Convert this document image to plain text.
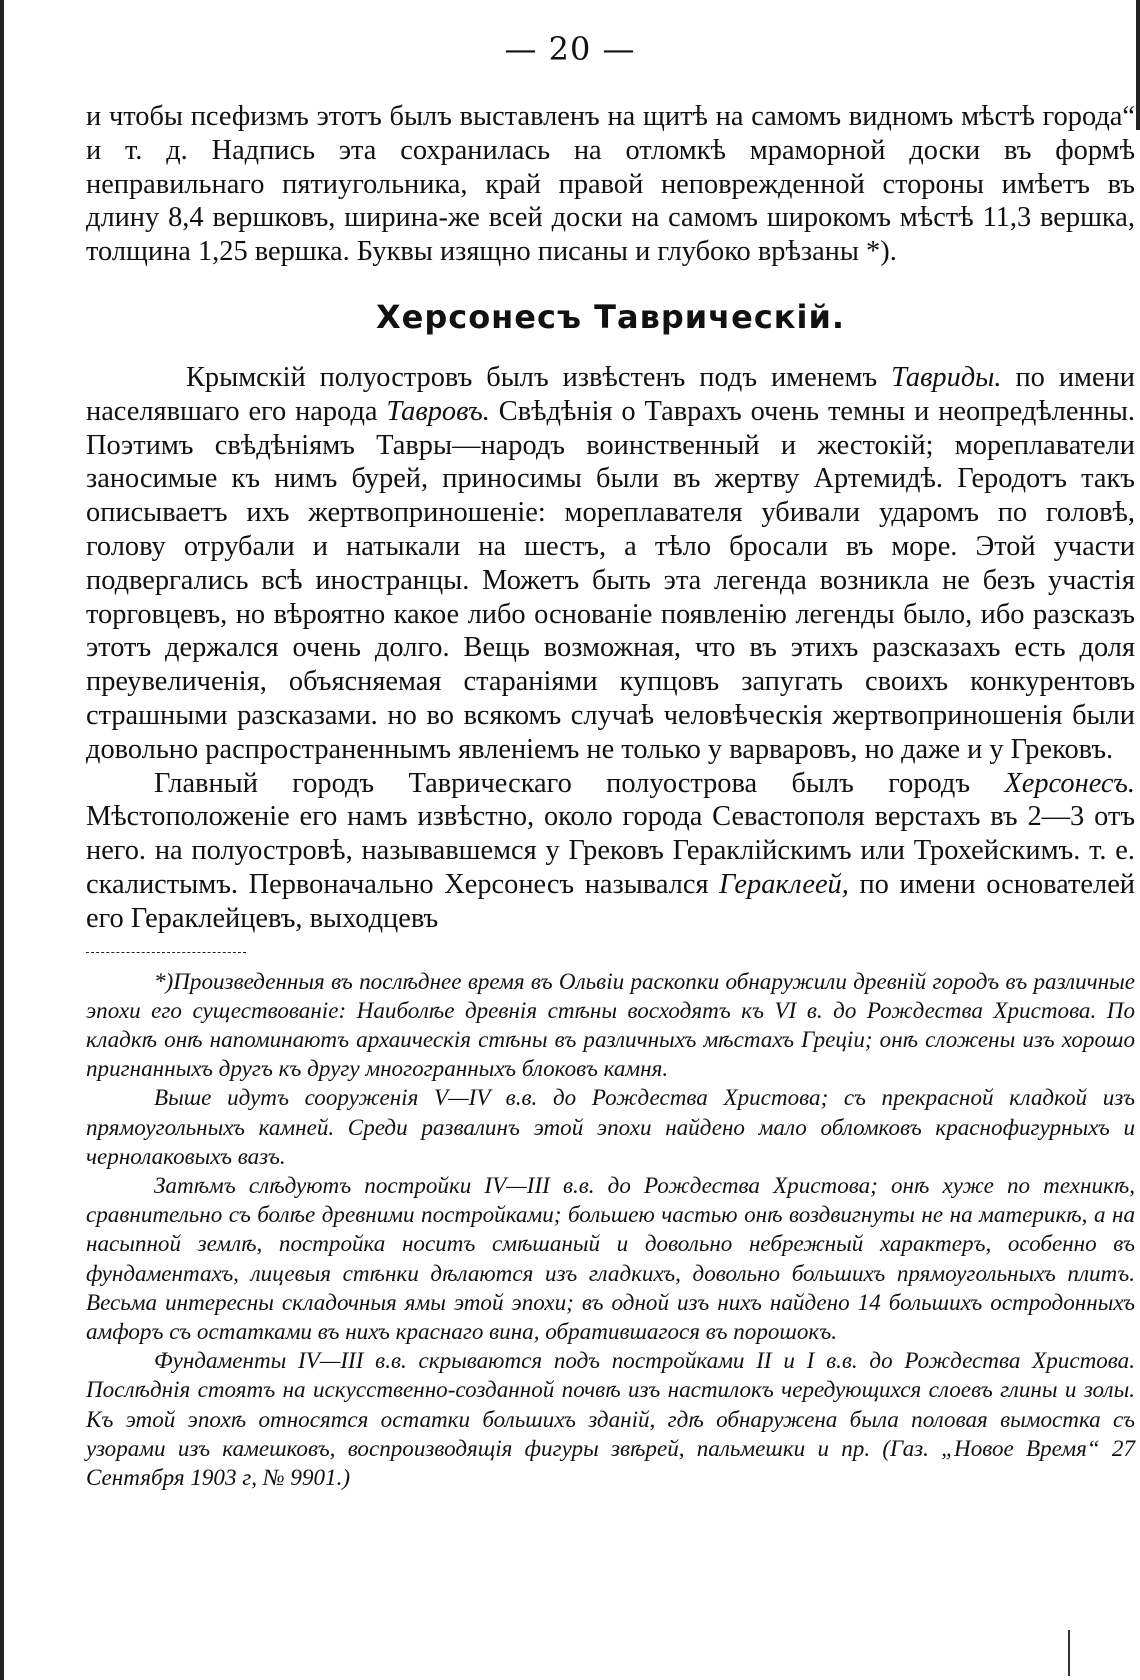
— 20 —

и чтобы псефизмъ этотъ былъ выставленъ на щитѣ на самомъ видномъ мѣстѣ города“ и т. д. Надпись эта сохранилась на отломкѣ мраморной доски въ формѣ неправильнаго пятиугольника, край правой неповрежденной стороны имѣетъ въ длину 8,4 вершковъ, ширина-же всей доски на самомъ широкомъ мѣстѣ 11,3 вершка, толщина 1,25 вершка. Буквы изящно писаны и глубоко врѣзаны *).

Херсонесъ Таврическій.

Крымскій полуостровъ былъ извѣстенъ подъ именемъ Тавриды. по имени населявшаго его народа Тавровъ. Свѣдѣнія о Таврахъ очень темны и неопредѣленны. Поэтимъ свѣдѣніямъ Тавры—народъ воинственный и жестокій; мореплаватели заносимые къ нимъ бурей, приносимы были въ жертву Артемидѣ. Геродотъ такъ описываетъ ихъ жертвоприношеніе: мореплавателя убивали ударомъ по головѣ, голову отрубали и натыкали на шестъ, а тѣло бросали въ море. Этой участи подвергались всѣ иностранцы. Можетъ быть эта легенда возникла не безъ участія торговцевъ, но вѣроятно какое либо основаніе появленію легенды было, ибо разсказъ этотъ держался очень долго. Вещь возможная, что въ этихъ разсказахъ есть доля преувеличенія, объясняемая стараніями купцовъ запугать своихъ конкурентовъ страшными разсказами. но во всякомъ случаѣ человѣческія жертвоприношенія были довольно распространеннымъ явленіемъ не только у варваровъ, но даже и у Грековъ.

Главный городъ Таврическаго полуострова былъ городъ Херсонесъ. Мѣстоположеніе его намъ извѣстно, около города Севастополя верстахъ въ 2—3 отъ него. на полуостровѣ, называвшемся у Грековъ Гераклійскимъ или Трохейскимъ. т. е. скалистымъ. Первоначально Херсонесъ назывался Гераклеей, по имени основателей его Гераклейцевъ, выходцевъ

*)Произведенныя въ послѣднее время въ Ольвіи раскопки обнаружили древній городъ въ различные эпохи его существованіе: Наиболѣе древнія стѣны восходятъ къ VI в. до Рождества Христова. По кладкѣ онѣ напоминаютъ архаическія стѣны въ различныхъ мѣстахъ Греціи; онѣ сложены изъ хорошо пригнанныхъ другъ къ другу многогранныхъ блоковъ камня.

Выше идутъ сооруженія V—IV в.в. до Рождества Христова; съ прекрасной кладкой изъ прямоугольныхъ камней. Среди развалинъ этой эпохи найдено мало обломковъ краснофигурныхъ и чернолаковыхъ вазъ.

Затѣмъ слѣдуютъ постройки IV—III в.в. до Рождества Христова; онѣ хуже по техникѣ, сравнительно съ болѣе древними постройками; большею частью онѣ воздвигнуты не на материкѣ, а на насыпной землѣ, постройка носитъ смѣшаный и довольно небрежный характеръ, особенно въ фундаментахъ, лицевыя стѣнки дѣлаются изъ гладкихъ, довольно большихъ прямоугольныхъ плитъ. Весьма интересны складочныя ямы этой эпохи; въ одной изъ нихъ найдено 14 большихъ остродонныхъ амфоръ съ остатками въ нихъ краснаго вина, обратившагося въ порошокъ.

Фундаменты IV—III в.в. скрываются подъ постройками II и I в.в. до Рождества Христова. Послѣднія стоятъ на искусственно-созданной почвѣ изъ настилокъ чередующихся слоевъ глины и золы. Къ этой эпохѣ относятся остатки большихъ зданій, гдѣ обнаружена была половая вымостка съ узорами изъ камешковъ, воспроизводящія фигуры звѣрей, пальмешки и пр. (Газ. „Новое Время“ 27 Сентября 1903 г, № 9901.)
